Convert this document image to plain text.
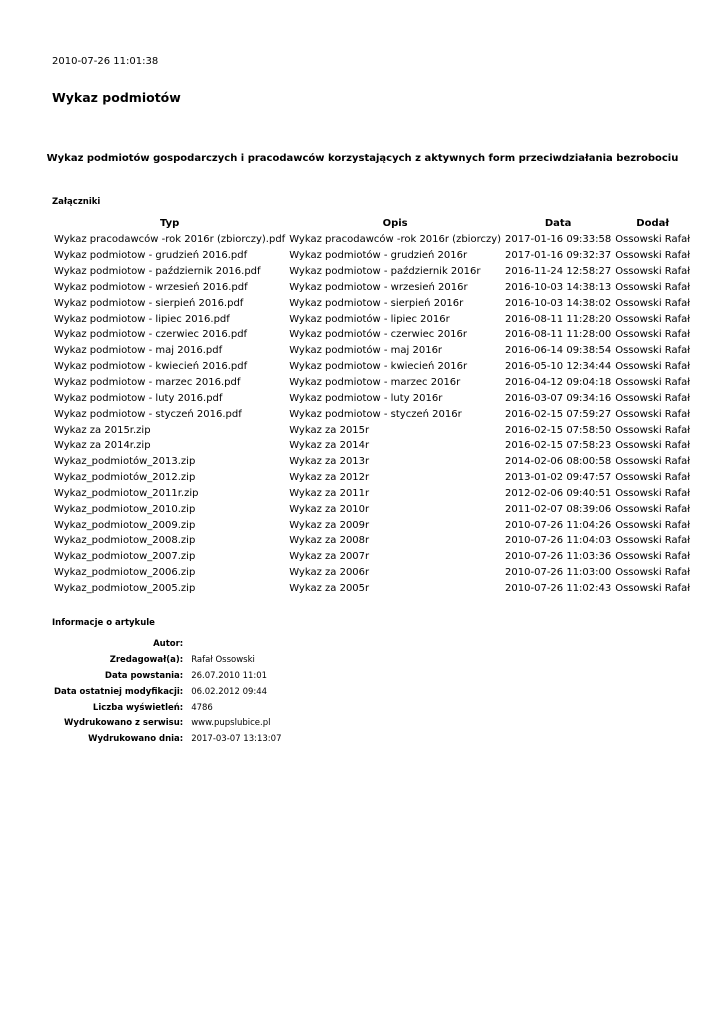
2010-07-26 11:01:38
Wykaz podmiotów
Wykaz podmiotów gospodarczych i pracodawców korzystających z aktywnych form przeciwdziałania bezrobociu
Załączniki
Typ	Opis	Data	Dodał
Wykaz pracodawców -rok 2016r (zbiorczy).pdf	Wykaz pracodawców -rok 2016r (zbiorczy)	2017-01-16 09:33:58	Ossowski Rafał
Wykaz podmiotow - grudzień 2016.pdf	Wykaz podmiotów - grudzień 2016r	2017-01-16 09:32:37	Ossowski Rafał
Wykaz podmiotow - październik 2016.pdf	Wykaz podmiotow - październik 2016r	2016-11-24 12:58:27	Ossowski Rafał
Wykaz podmiotow - wrzesień 2016.pdf	Wykaz podmiotow - wrzesień 2016r	2016-10-03 14:38:13	Ossowski Rafał
Wykaz podmiotow - sierpień 2016.pdf	Wykaz podmiotow - sierpień 2016r	2016-10-03 14:38:02	Ossowski Rafał
Wykaz podmiotow - lipiec 2016.pdf	Wykaz podmiotów - lipiec 2016r	2016-08-11 11:28:20	Ossowski Rafał
Wykaz podmiotow - czerwiec 2016.pdf	Wykaz podmiotów - czerwiec 2016r	2016-08-11 11:28:00	Ossowski Rafał
Wykaz podmiotow - maj 2016.pdf	Wykaz podmiotów - maj 2016r	2016-06-14 09:38:54	Ossowski Rafał
Wykaz podmiotow - kwiecień 2016.pdf	Wykaz podmiotow - kwiecień 2016r	2016-05-10 12:34:44	Ossowski Rafał
Wykaz podmiotow - marzec 2016.pdf	Wykaz podmiotow - marzec 2016r	2016-04-12 09:04:18	Ossowski Rafał
Wykaz podmiotow - luty 2016.pdf	Wykaz podmiotow - luty 2016r	2016-03-07 09:34:16	Ossowski Rafał
Wykaz podmiotow - styczeń 2016.pdf	Wykaz podmiotow - styczeń 2016r	2016-02-15 07:59:27	Ossowski Rafał
Wykaz za 2015r.zip	Wykaz za 2015r	2016-02-15 07:58:50	Ossowski Rafał
Wykaz za 2014r.zip	Wykaz za 2014r	2016-02-15 07:58:23	Ossowski Rafał
Wykaz_podmiotów_2013.zip	Wykaz za 2013r	2014-02-06 08:00:58	Ossowski Rafał
Wykaz_podmiotów_2012.zip	Wykaz za 2012r	2013-01-02 09:47:57	Ossowski Rafał
Wykaz_podmiotow_2011r.zip	Wykaz za 2011r	2012-02-06 09:40:51	Ossowski Rafał
Wykaz_podmiotow_2010.zip	Wykaz za 2010r	2011-02-07 08:39:06	Ossowski Rafał
Wykaz_podmiotow_2009.zip	Wykaz za 2009r	2010-07-26 11:04:26	Ossowski Rafał
Wykaz_podmiotow_2008.zip	Wykaz za 2008r	2010-07-26 11:04:03	Ossowski Rafał
Wykaz_podmiotow_2007.zip	Wykaz za 2007r	2010-07-26 11:03:36	Ossowski Rafał
Wykaz_podmiotow_2006.zip	Wykaz za 2006r	2010-07-26 11:03:00	Ossowski Rafał
Wykaz_podmiotow_2005.zip	Wykaz za 2005r	2010-07-26 11:02:43	Ossowski Rafał
Informacje o artykule
Autor:	
Zredagował(a):	Rafał Ossowski
Data powstania:	26.07.2010 11:01
Data ostatniej modyfikacji:	06.02.2012 09:44
Liczba wyświetleń:	4786
Wydrukowano z serwisu:	www.pupslubice.pl
Wydrukowano dnia:	2017-03-07 13:13:07
